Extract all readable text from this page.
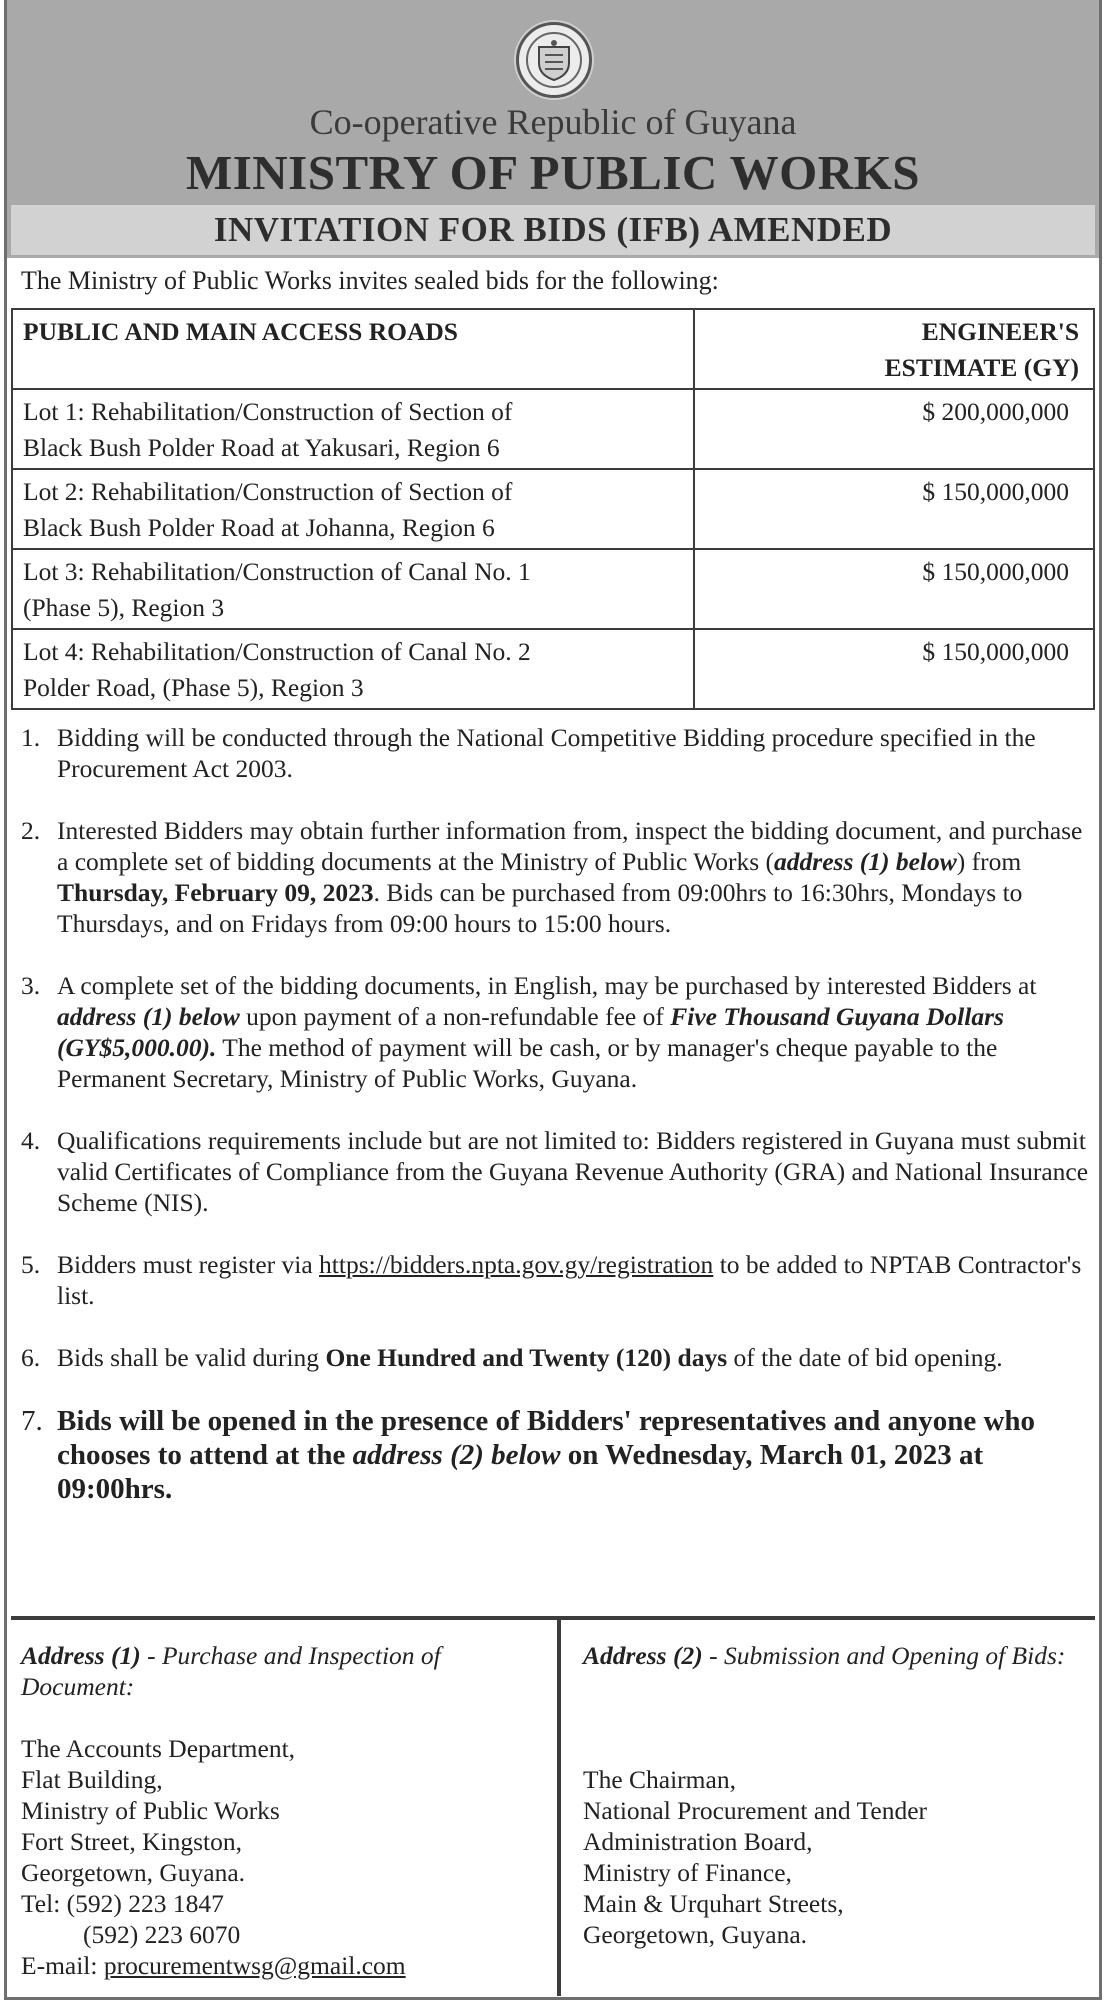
Co-operative Republic of Guyana
MINISTRY OF PUBLIC WORKS
INVITATION FOR BIDS (IFB) AMENDED
The Ministry of Public Works invites sealed bids for the following:
PUBLIC AND MAIN ACCESS ROADS	ENGINEER'S
ESTIMATE (GY)

Lot 1: Rehabilitation/Construction of Section of
Black Bush Polder Road at Yakusari, Region 6	$ 200,000,000

Lot 2: Rehabilitation/Construction of Section of
Black Bush Polder Road at Johanna, Region 6	$ 150,000,000

Lot 3: Rehabilitation/Construction of Canal No. 1
(Phase 5), Region 3	$ 150,000,000

Lot 4: Rehabilitation/Construction of Canal No. 2
Polder Road, (Phase 5), Region 3	$ 150,000,000
1. Bidding will be conducted through the National Competitive Bidding procedure specified in the Procurement Act 2003.
2. Interested Bidders may obtain further information from, inspect the bidding document, and purchase a complete set of bidding documents at the Ministry of Public Works (address (1) below) from Thursday, February 09, 2023. Bids can be purchased from 09:00hrs to 16:30hrs, Mondays to Thursdays, and on Fridays from 09:00 hours to 15:00 hours.
3. A complete set of the bidding documents, in English, may be purchased by interested Bidders at address (1) below upon payment of a non-refundable fee of Five Thousand Guyana Dollars (GY$5,000.00). The method of payment will be cash, or by manager's cheque payable to the Permanent Secretary, Ministry of Public Works, Guyana.
4. Qualifications requirements include but are not limited to: Bidders registered in Guyana must submit valid Certificates of Compliance from the Guyana Revenue Authority (GRA) and National Insurance Scheme (NIS).
5. Bidders must register via https://bidders.npta.gov.gy/registration to be added to NPTAB Contractor's list.
6. Bids shall be valid during One Hundred and Twenty (120) days of the date of bid opening.
7. Bids will be opened in the presence of Bidders' representatives and anyone who chooses to attend at the address (2) below on Wednesday, March 01, 2023 at 09:00hrs.
Address (1) - Purchase and Inspection of Document:
The Accounts Department,
Flat Building,
Ministry of Public Works
Fort Street, Kingston,
Georgetown, Guyana.
Tel: (592) 223 1847
(592) 223 6070
E-mail: procurementwsg@gmail.com
Address (2) - Submission and Opening of Bids:
The Chairman,
National Procurement and Tender
Administration Board,
Ministry of Finance,
Main & Urquhart Streets,
Georgetown, Guyana.
